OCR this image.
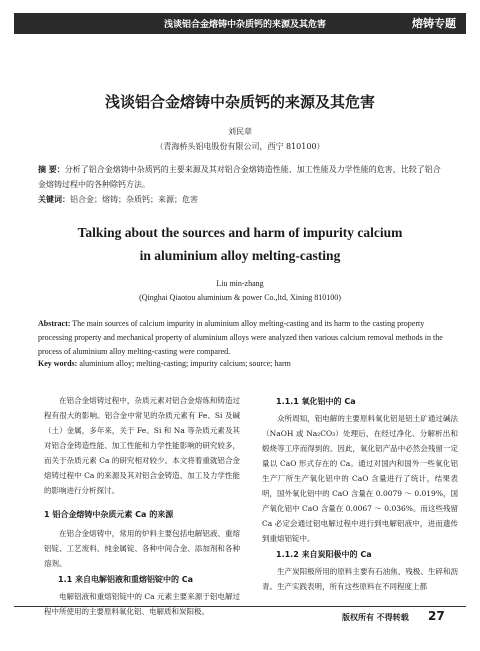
浅谈铝合金熔铸中杂质钙的来源及其危害	熔铸专题
浅谈铝合金熔铸中杂质钙的来源及其危害
刘民章
（青海桥头铝电股份有限公司，西宁 810100）
摘 要：分析了铝合金熔铸中杂质钙的主要来源及其对铝合金熔铸造性能、加工性能及力学性能的危害，比较了铝合金熔铸过程中的各种除钙方法。
关键词：铝合金；熔铸；杂质钙；来源；危害
Talking about the sources and harm of impurity calcium
in aluminium alloy melting-casting
Liu min-zhang
(Qinghai Qiaotou aluminium & power Co.,ltd, Xining 810100)
Abstract: The main sources of calcium impurity in aluminium alloy melting-casting and its harm to the casting property processing property and mechanical property of aluminium alloys were analyzed then various calcium removal methods in the process of aluminium alloy melting-casting were compared.
Key words: aluminium alloy; melting-casting; impurity calcium; source; harm

在铝合金熔铸过程中，杂质元素对铝合金熔炼和铸造过程有很大的影响。铝合金中常见的杂质元素有 Fe、Si 及碱（土）金属，多年来，关于 Fe、Si 和 Na 等杂质元素及其对铝合金铸造性能、加工性能和力学性能影响的研究较多，而关于杂质元素 Ca 的研究相对较少。本文将着重就铝合金熔铸过程中 Ca 的来源及其对铝合金铸造、加工及力学性能的影响进行分析探讨。

1 铝合金熔铸中杂质元素 Ca 的来源

在铝合金熔铸中，常用的炉料主要包括电解铝液、重熔铝锭、工艺废料、纯金属锭、各种中间合金、添加剂和各种溶剂。

1.1 来自电解铝液和重熔铝锭中的 Ca

电解铝液和重熔铝锭中的 Ca 元素主要来源于铝电解过程中所使用的主要原料氧化铝、电解质和炭阳极。

1.1.1 氧化铝中的 Ca

众所周知，铝电解的主要原料氧化铝是铝土矿通过碱法（NaOH 或 Na₂CO₃）处理后，在经过净化、分解析出和煅烧等工序而得到的。因此，氧化铝产品中必然会残留一定量以 CaO 形式存在的 Ca。通过对国内和国外一些氧化铝生产厂所生产氧化铝中的 CaO 含量进行了统计，结果表明，国外氧化铝中的 CaO 含量在 0.0079 ～ 0.019%，国产氧化铝中 CaO 含量在 0.0067 ～ 0.036%。而这些残留 Ca 必定会通过铝电解过程中进行到电解铝液中，进而遗传到重熔铝锭中。

1.1.2 来自炭阳极中的 Ca

生产炭阳极所用的原料主要有石油焦、残极、生碎和沥青。生产实践表明，所有这些原料在不同程度上都

版权所有 不得转载	27
